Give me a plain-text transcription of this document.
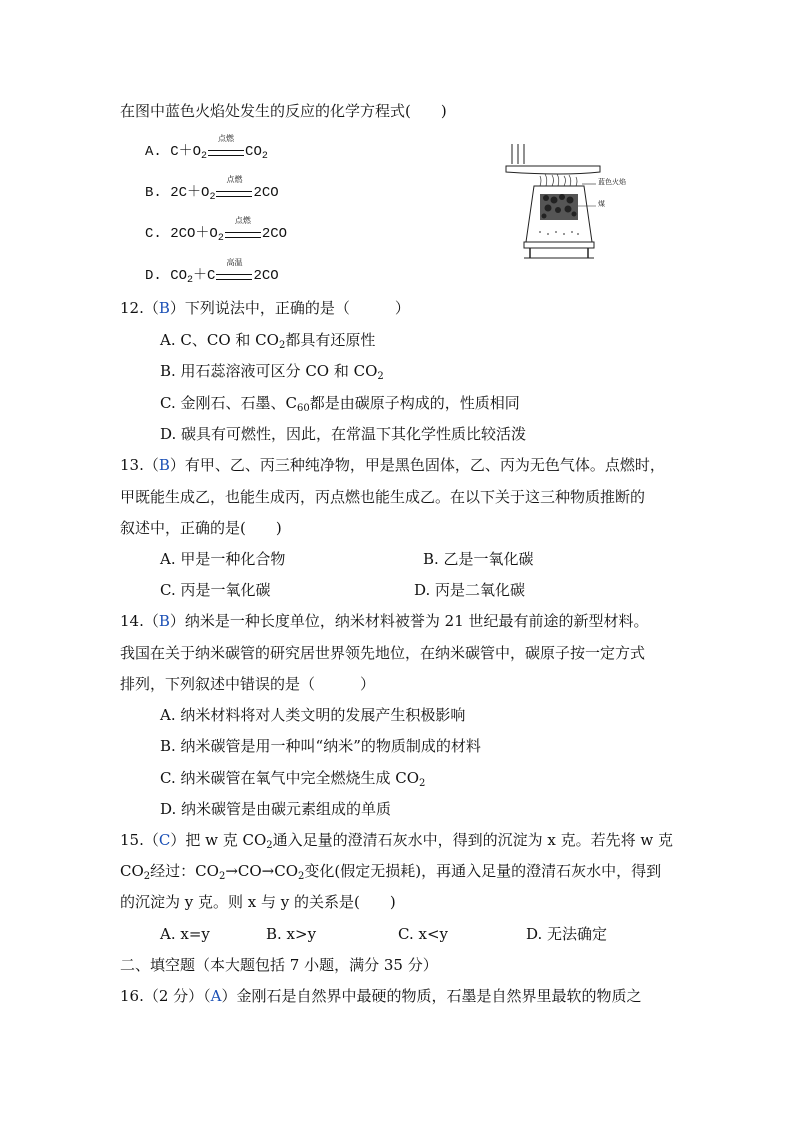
在图中蓝色火焰处发生的反应的化学方程式(　　)
A. $C+O_2$
点燃
$CO_2$
B. $2C+O_2$
点燃
2CO
C. $2CO+O_2$
点燃
2CO
D. $CO_2+C$
高温
2CO
蓝色火焰
煤
12.（B）下列说法中，正确的是（　　　）
A. C、CO 和 $CO_2$都具有还原性
B. 用石蕊溶液可区分 CO 和 $CO_2$
C. 金刚石、石墨、$C_{60}$都是由碳原子构成的，性质相同
D. 碳具有可燃性，因此，在常温下其化学性质比较活泼
13.（B）有甲、乙、丙三种纯净物，甲是黑色固体，乙、丙为无色气体。点燃时，
甲既能生成乙，也能生成丙，丙点燃也能生成乙。在以下关于这三种物质推断的
叙述中，正确的是(　　)
A. 甲是一种化合物	B. 乙是一氧化碳
C. 丙是一氧化碳	D. 丙是二氧化碳
14.（B）纳米是一种长度单位，纳米材料被誉为 21 世纪最有前途的新型材料。
我国在关于纳米碳管的研究居世界领先地位，在纳米碳管中，碳原子按一定方式
排列，下列叙述中错误的是（　　　）
A. 纳米材料将对人类文明的发展产生积极影响
B. 纳米碳管是用一种叫“纳米”的物质制成的材料
C. 纳米碳管在氧气中完全燃烧生成 $CO_2$
D. 纳米碳管是由碳元素组成的单质
15.（C）把 w 克 $CO_2$通入足量的澄清石灰水中，得到的沉淀为 x 克。若先将 w 克
$CO_2$经过：$CO_2\to CO\to CO_2$变化(假定无损耗)，再通入足量的澄清石灰水中，得到
的沉淀为 y 克。则 x 与 y 的关系是(　　)
A. x=y	B. x>y	C. x<y	D. 无法确定
二、填空题（本大题包括 7 小题，满分 35 分）
16.（2 分）（A）金刚石是自然界中最硬的物质，石墨是自然界里最软的物质之
